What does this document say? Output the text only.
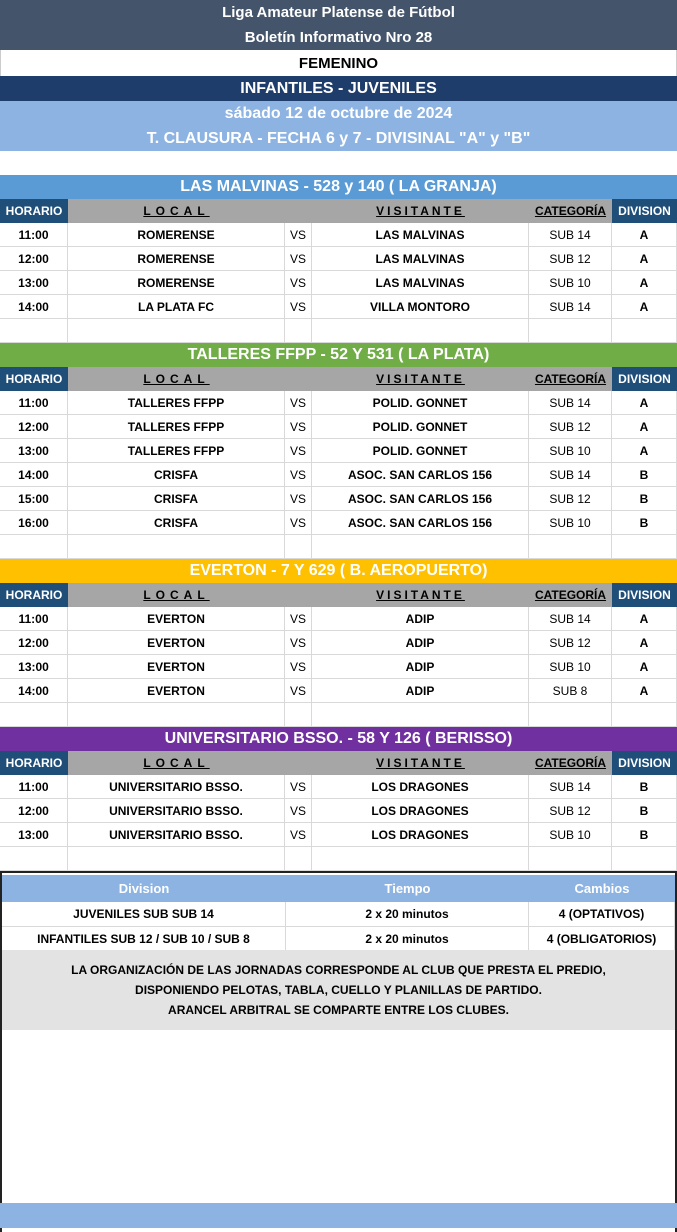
Liga Amateur Platense de Fútbol
Boletín Informativo Nro 28
FEMENINO
INFANTILES - JUVENILES
sábado 12 de octubre de 2024
T. CLAUSURA - FECHA 6 y 7 - DIVISINAL "A" y "B"
LAS MALVINAS - 528 y 140 ( LA GRANJA)
HORARIO	LOCAL	VISITANTE	CATEGORÍA	DIVISION
11:00	ROMERENSE	VS	LAS MALVINAS	SUB 14	A
12:00	ROMERENSE	VS	LAS MALVINAS	SUB 12	A
13:00	ROMERENSE	VS	LAS MALVINAS	SUB 10	A
14:00	LA PLATA FC	VS	VILLA MONTORO	SUB 14	A
TALLERES FFPP - 52 Y 531 ( LA PLATA)
HORARIO	LOCAL	VISITANTE	CATEGORÍA	DIVISION
11:00	TALLERES FFPP	VS	POLID. GONNET	SUB 14	A
12:00	TALLERES FFPP	VS	POLID. GONNET	SUB 12	A
13:00	TALLERES FFPP	VS	POLID. GONNET	SUB 10	A
14:00	CRISFA	VS	ASOC. SAN CARLOS 156	SUB 14	B
15:00	CRISFA	VS	ASOC. SAN CARLOS 156	SUB 12	B
16:00	CRISFA	VS	ASOC. SAN CARLOS 156	SUB 10	B
EVERTON - 7 Y 629 ( B. AEROPUERTO)
HORARIO	LOCAL	VISITANTE	CATEGORÍA	DIVISION
11:00	EVERTON	VS	ADIP	SUB 14	A
12:00	EVERTON	VS	ADIP	SUB 12	A
13:00	EVERTON	VS	ADIP	SUB 10	A
14:00	EVERTON	VS	ADIP	SUB 8	A
UNIVERSITARIO BSSO. - 58 Y 126 ( BERISSO)
HORARIO	LOCAL	VISITANTE	CATEGORÍA	DIVISION
11:00	UNIVERSITARIO BSSO.	VS	LOS DRAGONES	SUB 14	B
12:00	UNIVERSITARIO BSSO.	VS	LOS DRAGONES	SUB 12	B
13:00	UNIVERSITARIO BSSO.	VS	LOS DRAGONES	SUB 10	B
Division	Tiempo	Cambios
JUVENILES SUB SUB 14	2 x 20 minutos	4 (OPTATIVOS)
INFANTILES SUB 12 / SUB 10 / SUB 8	2 x 20 minutos	4 (OBLIGATORIOS)
LA ORGANIZACIÓN DE LAS JORNADAS CORRESPONDE AL CLUB QUE PRESTA EL PREDIO,
DISPONIENDO PELOTAS, TABLA, CUELLO Y PLANILLAS DE PARTIDO.
ARANCEL ARBITRAL SE COMPARTE ENTRE LOS CLUBES.
